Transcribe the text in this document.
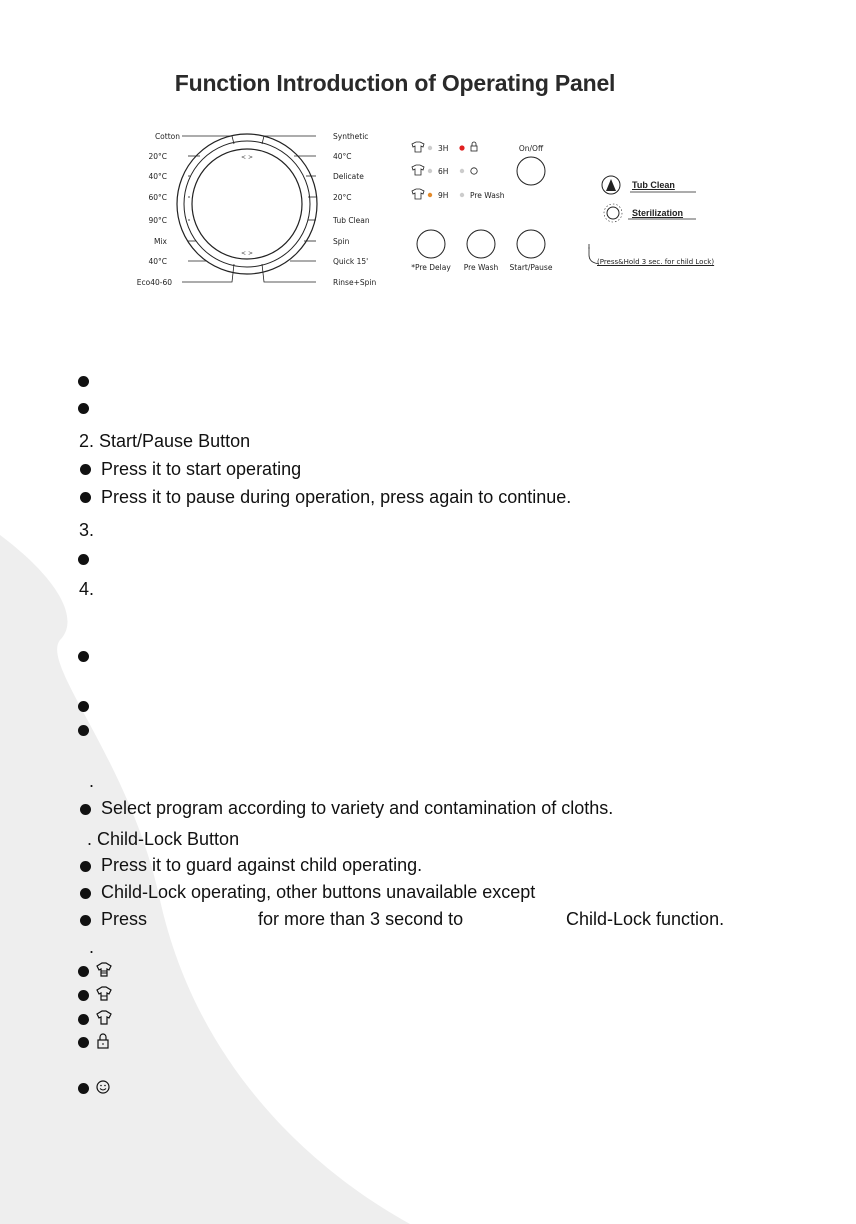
Function Introduction of Operating Panel
< >
< >
Cotton
20°C
40°C
60°C
90°C
Mix
40°C
Eco40-60
Synthetic
40°C
Delicate
20°C
Tub Clean
Spin
Quick 15'
Rinse+Spin
3H
6H
9H	Pre Wash
On/Off
*Pre Delay	Pre Wash	Start/Pause
Tub Clean
Sterilization
(Press&Hold 3 sec. for child Lock)
2. Start/Pause Button
Press it to start operating
Press it to pause during operation, press again to continue.
3.
4.
.
Select program according to variety and contamination of cloths.
. Child-Lock Button
Press it to guard against child operating.
Child-Lock operating, other buttons unavailable except
Press	for more than 3 second to	Child-Lock function.
.
